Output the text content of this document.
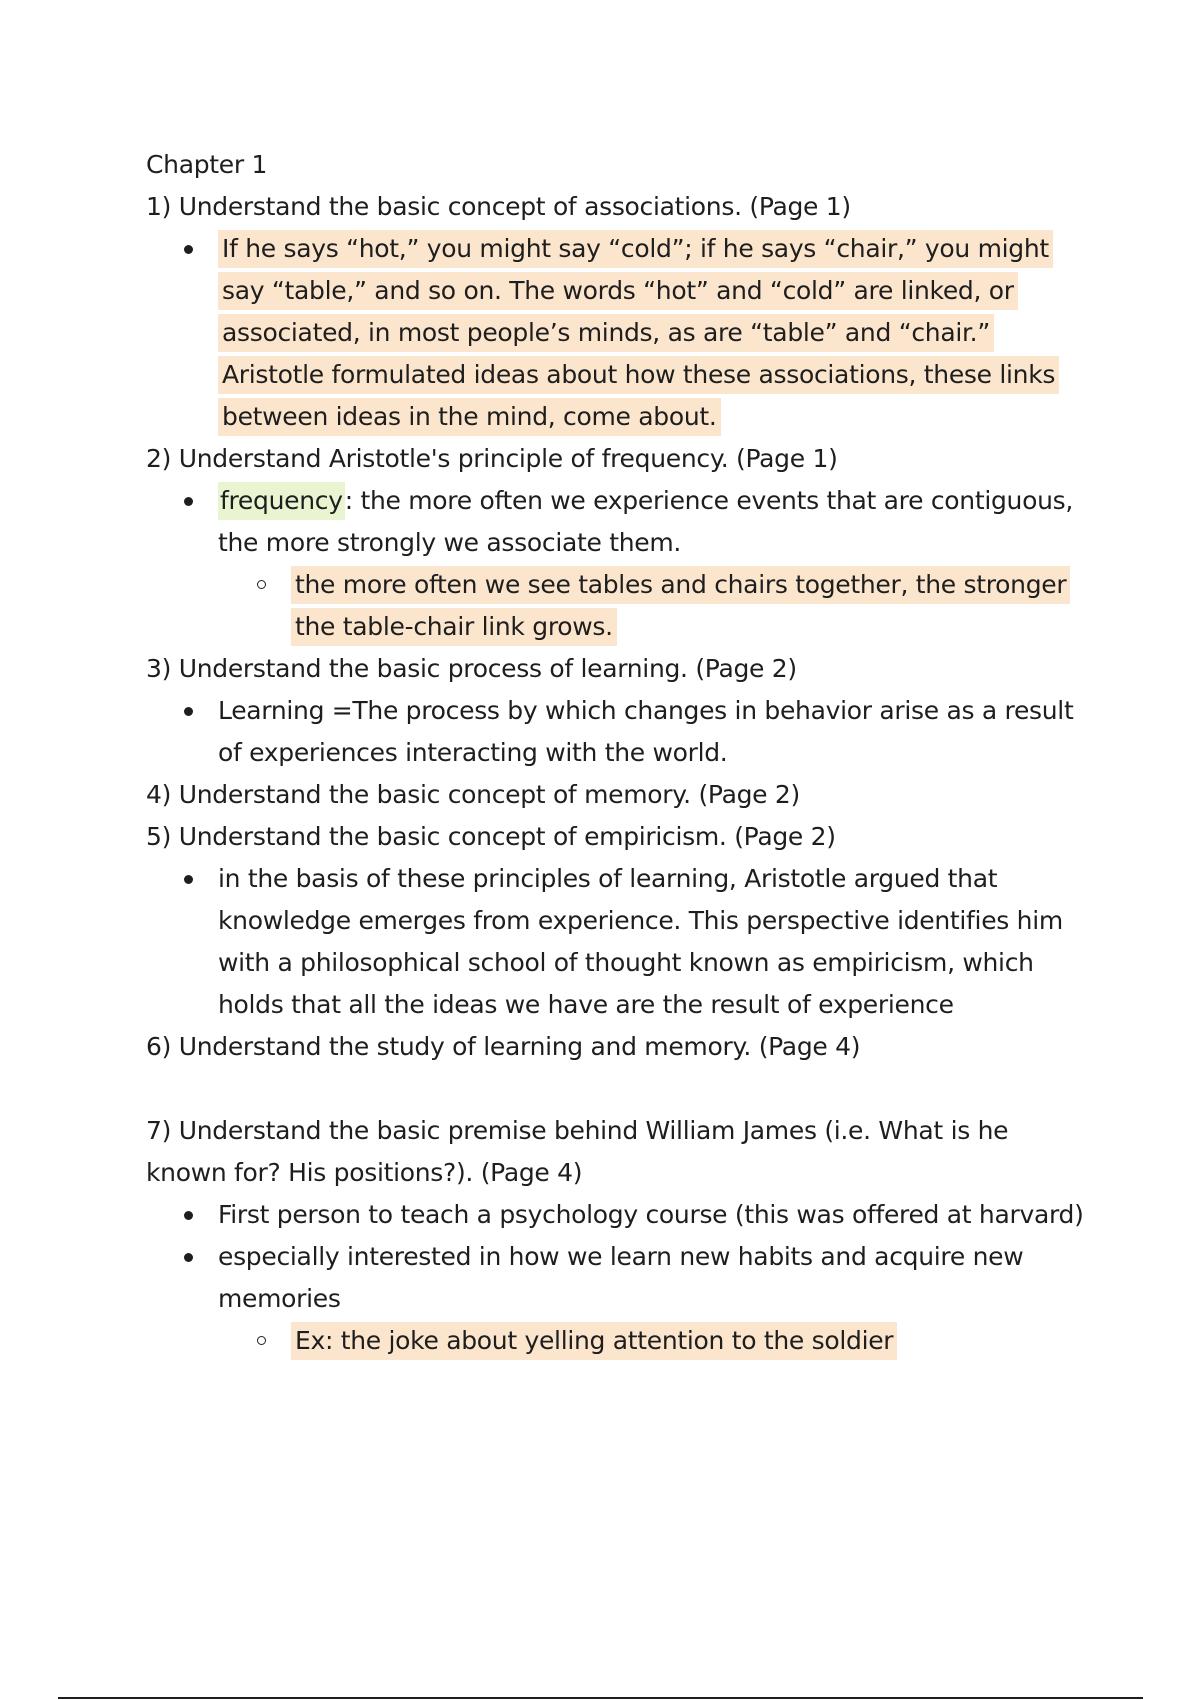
Chapter 1
1) Understand the basic concept of associations. (Page 1)
If he says “hot,” you might say “cold”; if he says “chair,” you might say “table,” and so on. The words “hot” and “cold” are linked, or associated, in most people’s minds, as are “table” and “chair.” Aristotle formulated ideas about how these associations, these links between ideas in the mind, come about.
2) Understand Aristotle's principle of frequency. (Page 1)
frequency: the more often we experience events that are contiguous, the more strongly we associate them.
the more often we see tables and chairs together, the stronger the table-chair link grows.
3) Understand the basic process of learning. (Page 2)
Learning =The process by which changes in behavior arise as a result of experiences interacting with the world.
4) Understand the basic concept of memory. (Page 2)
5) Understand the basic concept of empiricism. (Page 2)
in the basis of these principles of learning, Aristotle argued that knowledge emerges from experience. This perspective identifies him with a philosophical school of thought known as empiricism, which holds that all the ideas we have are the result of experience
6) Understand the study of learning and memory. (Page 4)
7) Understand the basic premise behind William James (i.e. What is he known for? His positions?). (Page 4)
First person to teach a psychology course (this was offered at harvard)
especially interested in how we learn new habits and acquire new memories
Ex: the joke about yelling attention to the soldier
